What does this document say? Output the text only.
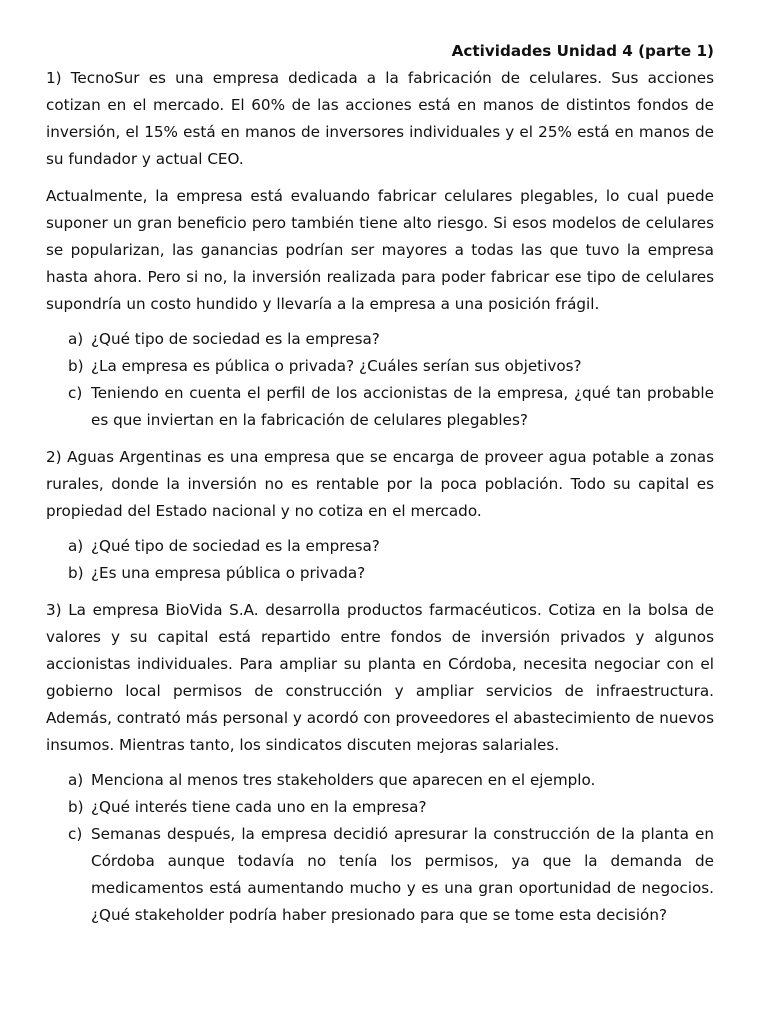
Actividades Unidad 4 (parte 1)

1) TecnoSur es una empresa dedicada a la fabricación de celulares. Sus acciones cotizan en el mercado. El 60% de las acciones está en manos de distintos fondos de inversión, el 15% está en manos de inversores individuales y el 25% está en manos de su fundador y actual CEO.

Actualmente, la empresa está evaluando fabricar celulares plegables, lo cual puede suponer un gran beneficio pero también tiene alto riesgo. Si esos modelos de celulares se popularizan, las ganancias podrían ser mayores a todas las que tuvo la empresa hasta ahora. Pero si no, la inversión realizada para poder fabricar ese tipo de celulares supondría un costo hundido y llevaría a la empresa a una posición frágil.

a) ¿Qué tipo de sociedad es la empresa?
b) ¿La empresa es pública o privada? ¿Cuáles serían sus objetivos?
c) Teniendo en cuenta el perfil de los accionistas de la empresa, ¿qué tan probable es que inviertan en la fabricación de celulares plegables?

2) Aguas Argentinas es una empresa que se encarga de proveer agua potable a zonas rurales, donde la inversión no es rentable por la poca población. Todo su capital es propiedad del Estado nacional y no cotiza en el mercado.

a) ¿Qué tipo de sociedad es la empresa?
b) ¿Es una empresa pública o privada?

3) La empresa BioVida S.A. desarrolla productos farmacéuticos. Cotiza en la bolsa de valores y su capital está repartido entre fondos de inversión privados y algunos accionistas individuales. Para ampliar su planta en Córdoba, necesita negociar con el gobierno local permisos de construcción y ampliar servicios de infraestructura. Además, contrató más personal y acordó con proveedores el abastecimiento de nuevos insumos. Mientras tanto, los sindicatos discuten mejoras salariales.

a) Menciona al menos tres stakeholders que aparecen en el ejemplo.
b) ¿Qué interés tiene cada uno en la empresa?
c) Semanas después, la empresa decidió apresurar la construcción de la planta en Córdoba aunque todavía no tenía los permisos, ya que la demanda de medicamentos está aumentando mucho y es una gran oportunidad de negocios. ¿Qué stakeholder podría haber presionado para que se tome esta decisión?
